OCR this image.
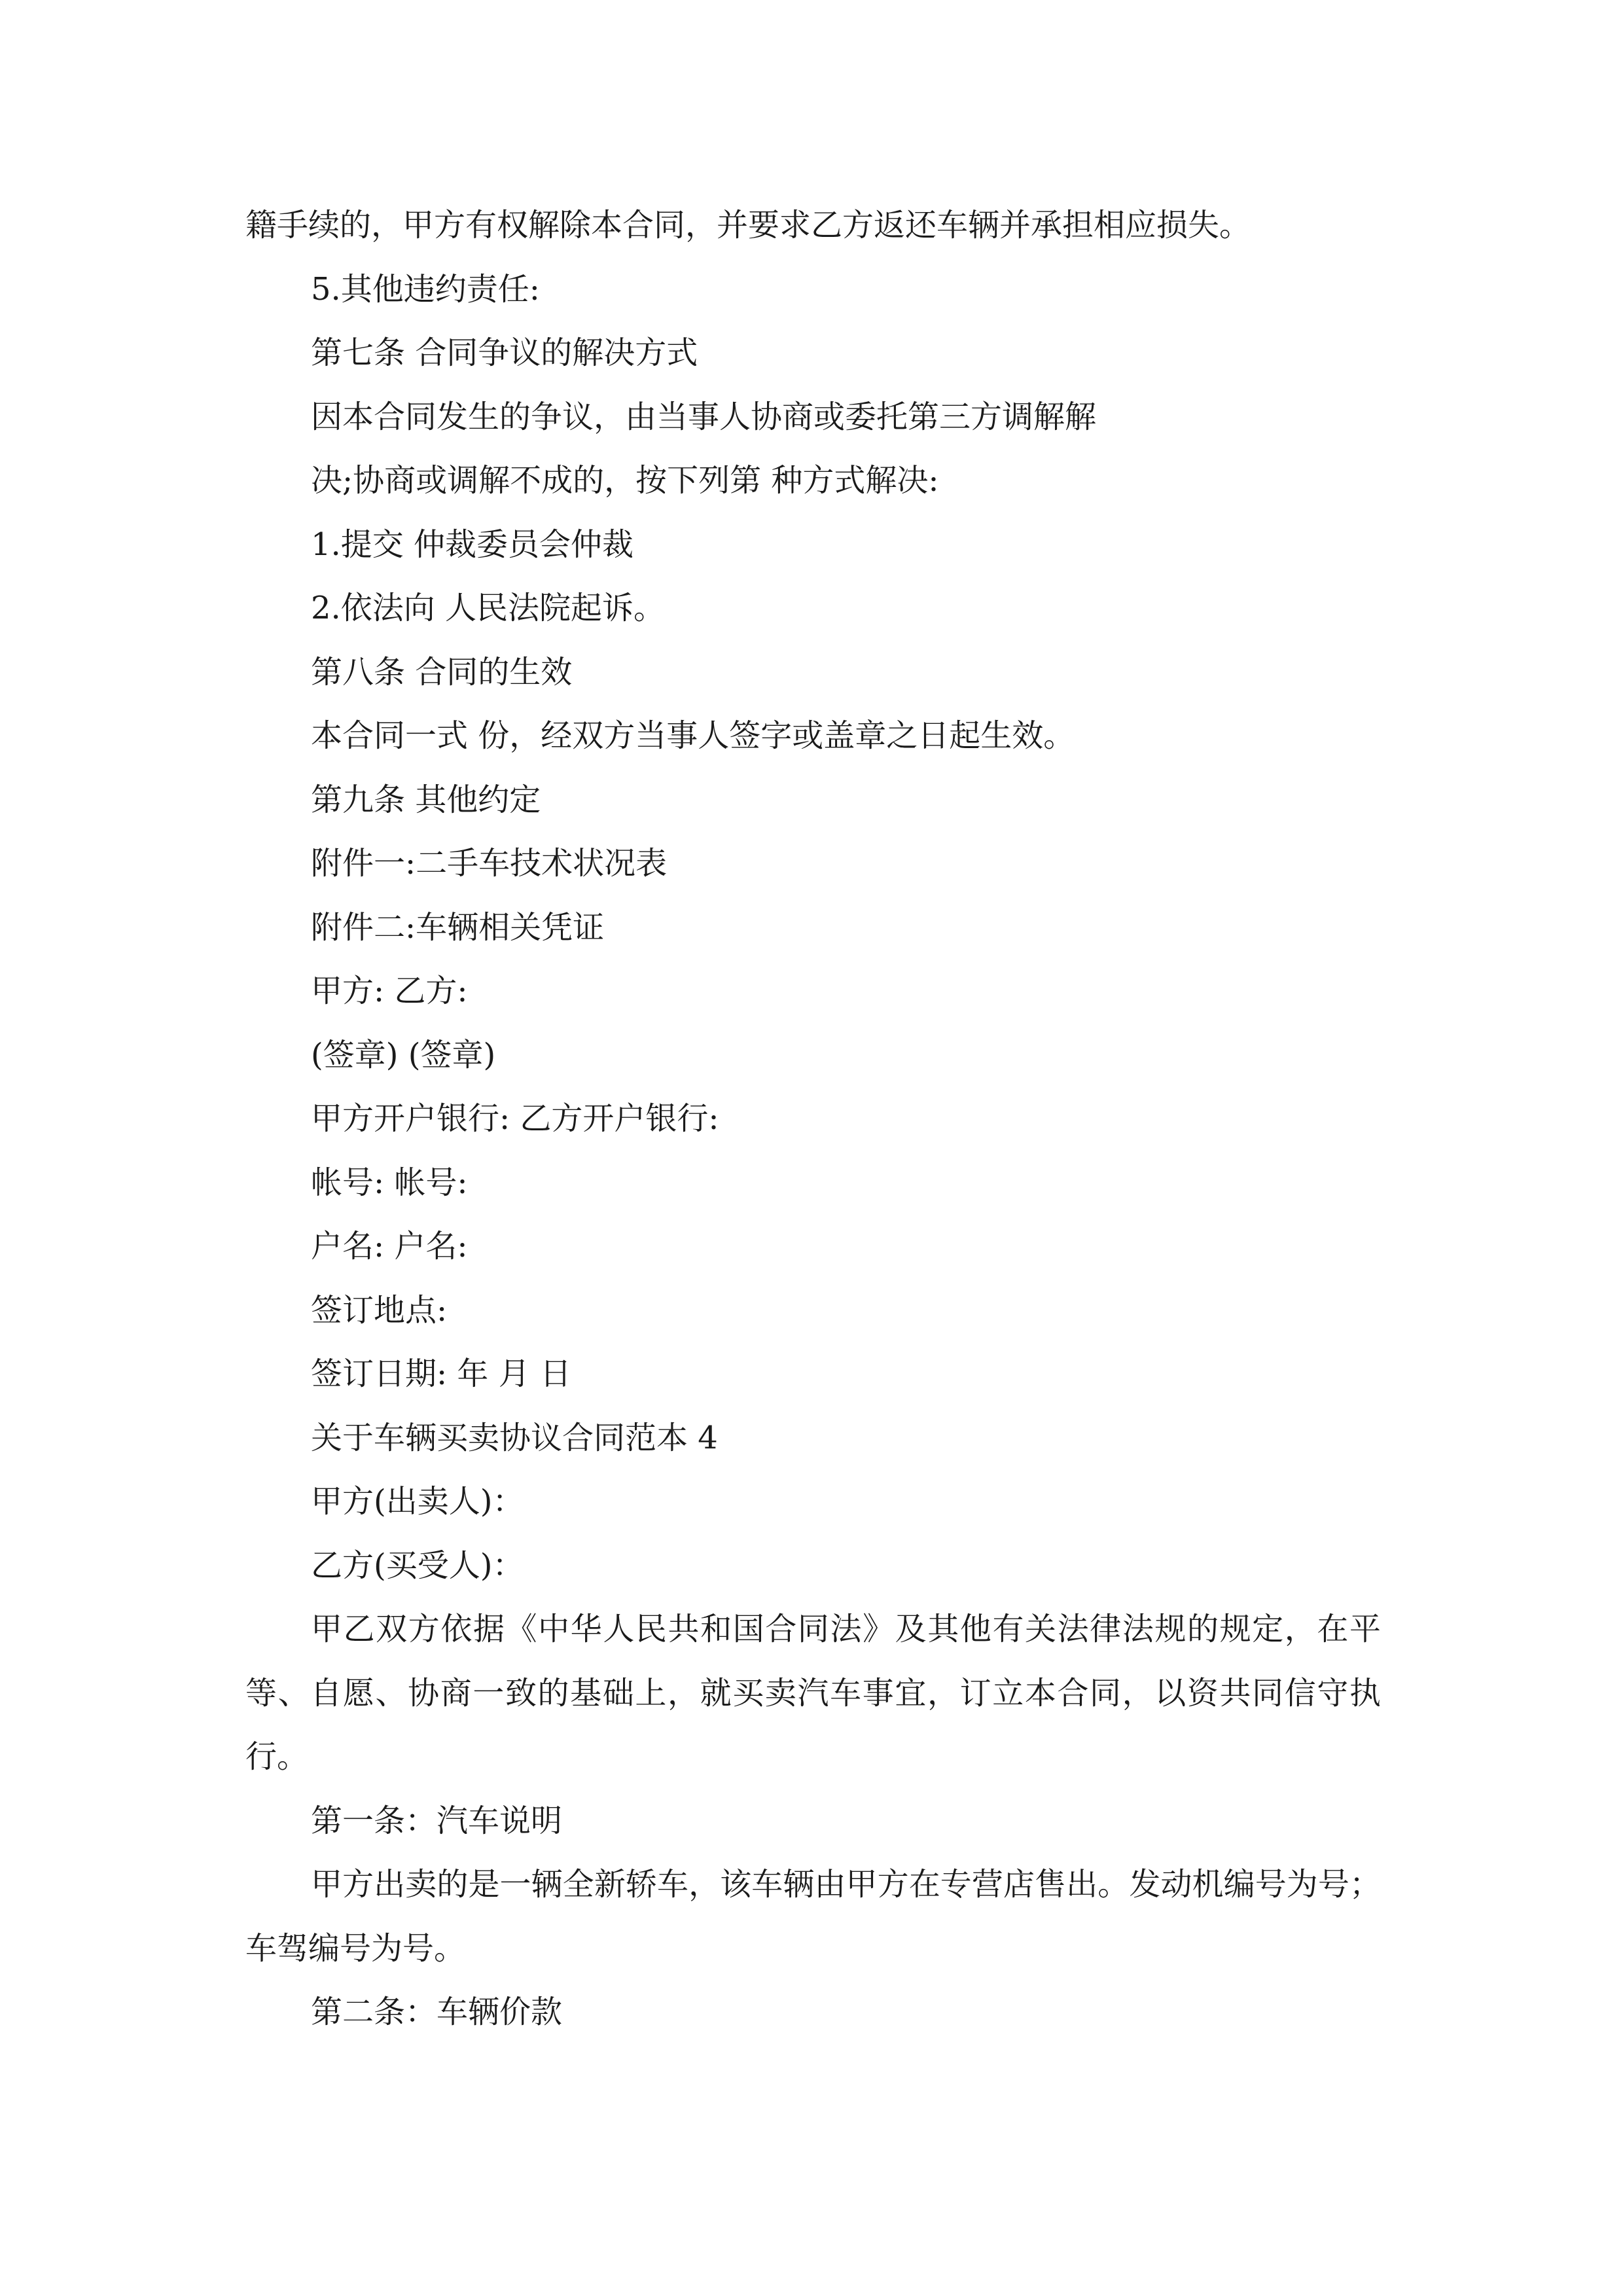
籍手续的，甲方有权解除本合同，并要求乙方返还车辆并承担相应损失。

5.其他违约责任:

第七条 合同争议的解决方式

因本合同发生的争议，由当事人协商或委托第三方调解解

决;协商或调解不成的，按下列第 种方式解决:

1.提交 仲裁委员会仲裁

2.依法向 人民法院起诉。

第八条 合同的生效

本合同一式 份，经双方当事人签字或盖章之日起生效。

第九条 其他约定

附件一:二手车技术状况表

附件二:车辆相关凭证

甲方: 乙方:

(签章) (签章)

甲方开户银行: 乙方开户银行:

帐号: 帐号:

户名: 户名:

签订地点:

签订日期: 年 月 日

关于车辆买卖协议合同范本 4

甲方(出卖人)：

乙方(买受人)：

甲乙双方依据《中华人民共和国合同法》及其他有关法律法规的规定，在平等、自愿、协商一致的基础上，就买卖汽车事宜，订立本合同，以资共同信守执行。

第一条：汽车说明

甲方出卖的是一辆全新轿车，该车辆由甲方在专营店售出。发动机编号为号；车驾编号为号。

第二条：车辆价款
